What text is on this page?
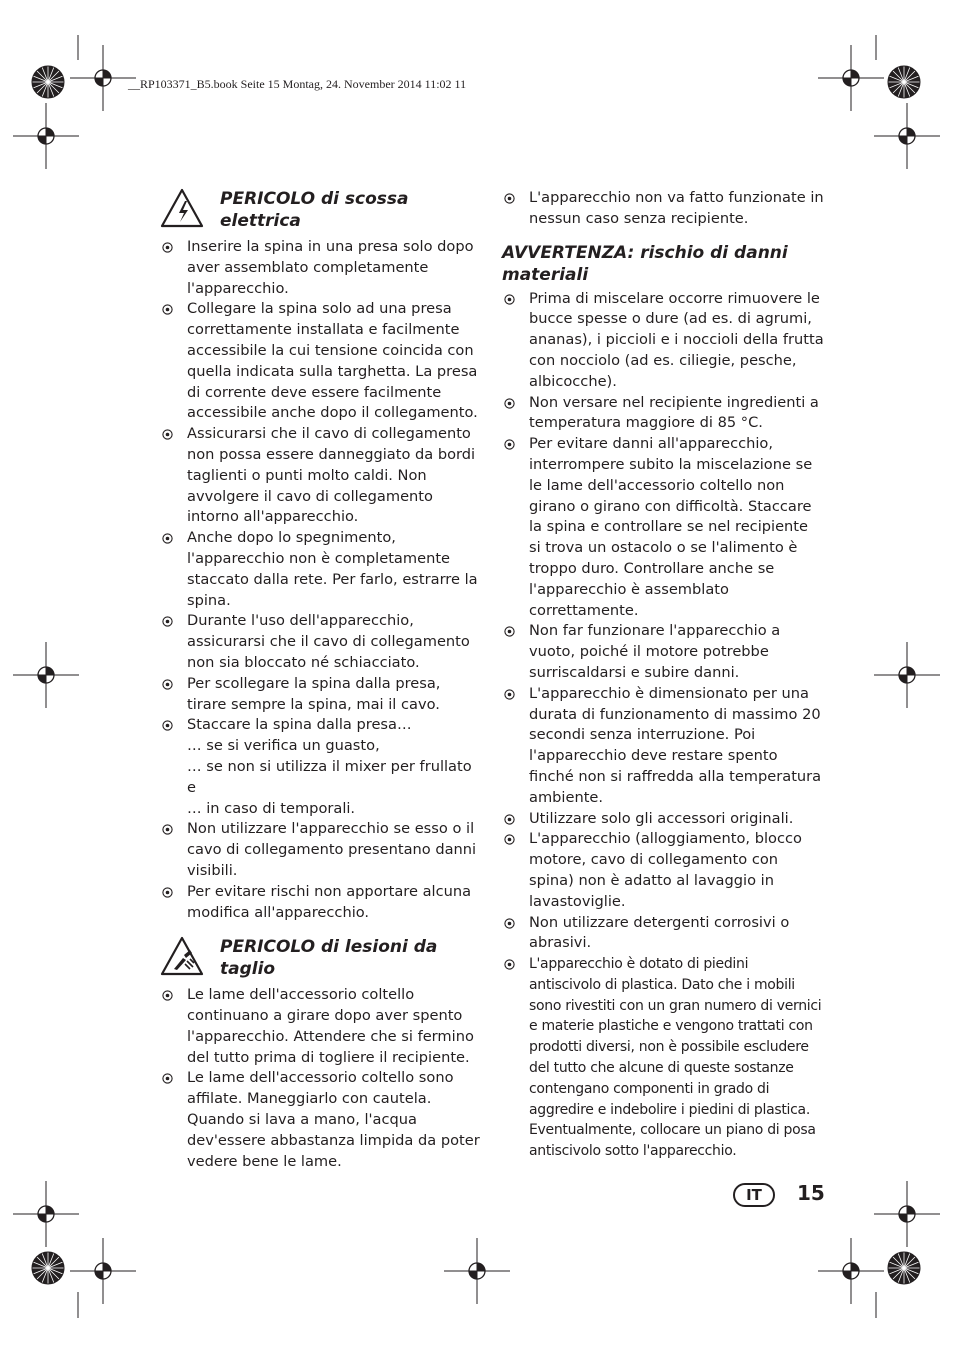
__RP103371_B5.book Seite 15 Montag, 24. November 2014 11:02 11
PERICOLO di scossa elettrica
Inserire la spina in una presa solo dopo aver assemblato completamente l'apparecchio.
Collegare la spina solo ad una presa correttamente installata e facilmente accessibile la cui tensione coincida con quella indicata sulla targhetta. La presa di corrente deve essere facilmente accessibile anche dopo il collegamento.
Assicurarsi che il cavo di collegamento non possa essere danneggiato da bordi taglienti o punti molto caldi. Non avvolgere il cavo di collegamento intorno all'apparecchio.
Anche dopo lo spegnimento, l'apparecchio non è completamente staccato dalla rete. Per farlo, estrarre la spina.
Durante l'uso dell'apparecchio, assicurarsi che il cavo di collegamento non sia bloccato né schiacciato.
Per scollegare la spina dalla presa, tirare sempre la spina, mai il cavo.
Staccare la spina dalla presa…
… se si verifica un guasto,
… se non si utilizza il mixer per frullato e
… in caso di temporali.
Non utilizzare l'apparecchio se esso o il cavo di collegamento presentano danni visibili.
Per evitare rischi non apportare alcuna modifica all'apparecchio.
PERICOLO di lesioni da taglio
Le lame dell'accessorio coltello continuano a girare dopo aver spento l'apparecchio. Attendere che si fermino del tutto prima di togliere il recipiente.
Le lame dell'accessorio coltello sono affilate. Maneggiarlo con cautela. Quando si lava a mano, l'acqua dev'essere abbastanza limpida da poter vedere bene le lame.
L'apparecchio non va fatto funzionate in nessun caso senza recipiente.
AVVERTENZA: rischio di danni materiali
Prima di miscelare occorre rimuovere le bucce spesse o dure (ad es. di agrumi, ananas), i piccioli e i noccioli della frutta con nocciolo (ad es. ciliegie, pesche, albicocche).
Non versare nel recipiente ingredienti a temperatura maggiore di 85 °C.
Per evitare danni all'apparecchio, interrompere subito la miscelazione se le lame dell'accessorio coltello non girano o girano con difficoltà. Staccare la spina e controllare se nel recipiente si trova un ostacolo o se l'alimento è troppo duro. Controllare anche se l'apparecchio è assemblato correttamente.
Non far funzionare l'apparecchio a vuoto, poiché il motore potrebbe surriscaldarsi e subire danni.
L'apparecchio è dimensionato per una durata di funzionamento di massimo 20 secondi senza interruzione. Poi l'apparecchio deve restare spento finché non si raffredda alla temperatura ambiente.
Utilizzare solo gli accessori originali.
L'apparecchio (alloggiamento, blocco motore, cavo di collegamento con spina) non è adatto al lavaggio in lavastoviglie.
Non utilizzare detergenti corrosivi o abrasivi.
L'apparecchio è dotato di piedini antiscivolo di plastica. Dato che i mobili sono rivestiti con un gran numero di vernici e materie plastiche e vengono trattati con prodotti diversi, non è possibile escludere del tutto che alcune di queste sostanze contengano componenti in grado di aggredire e indebolire i piedini di plastica. Eventualmente, collocare un piano di posa antiscivolo sotto l'apparecchio.
IT	15
